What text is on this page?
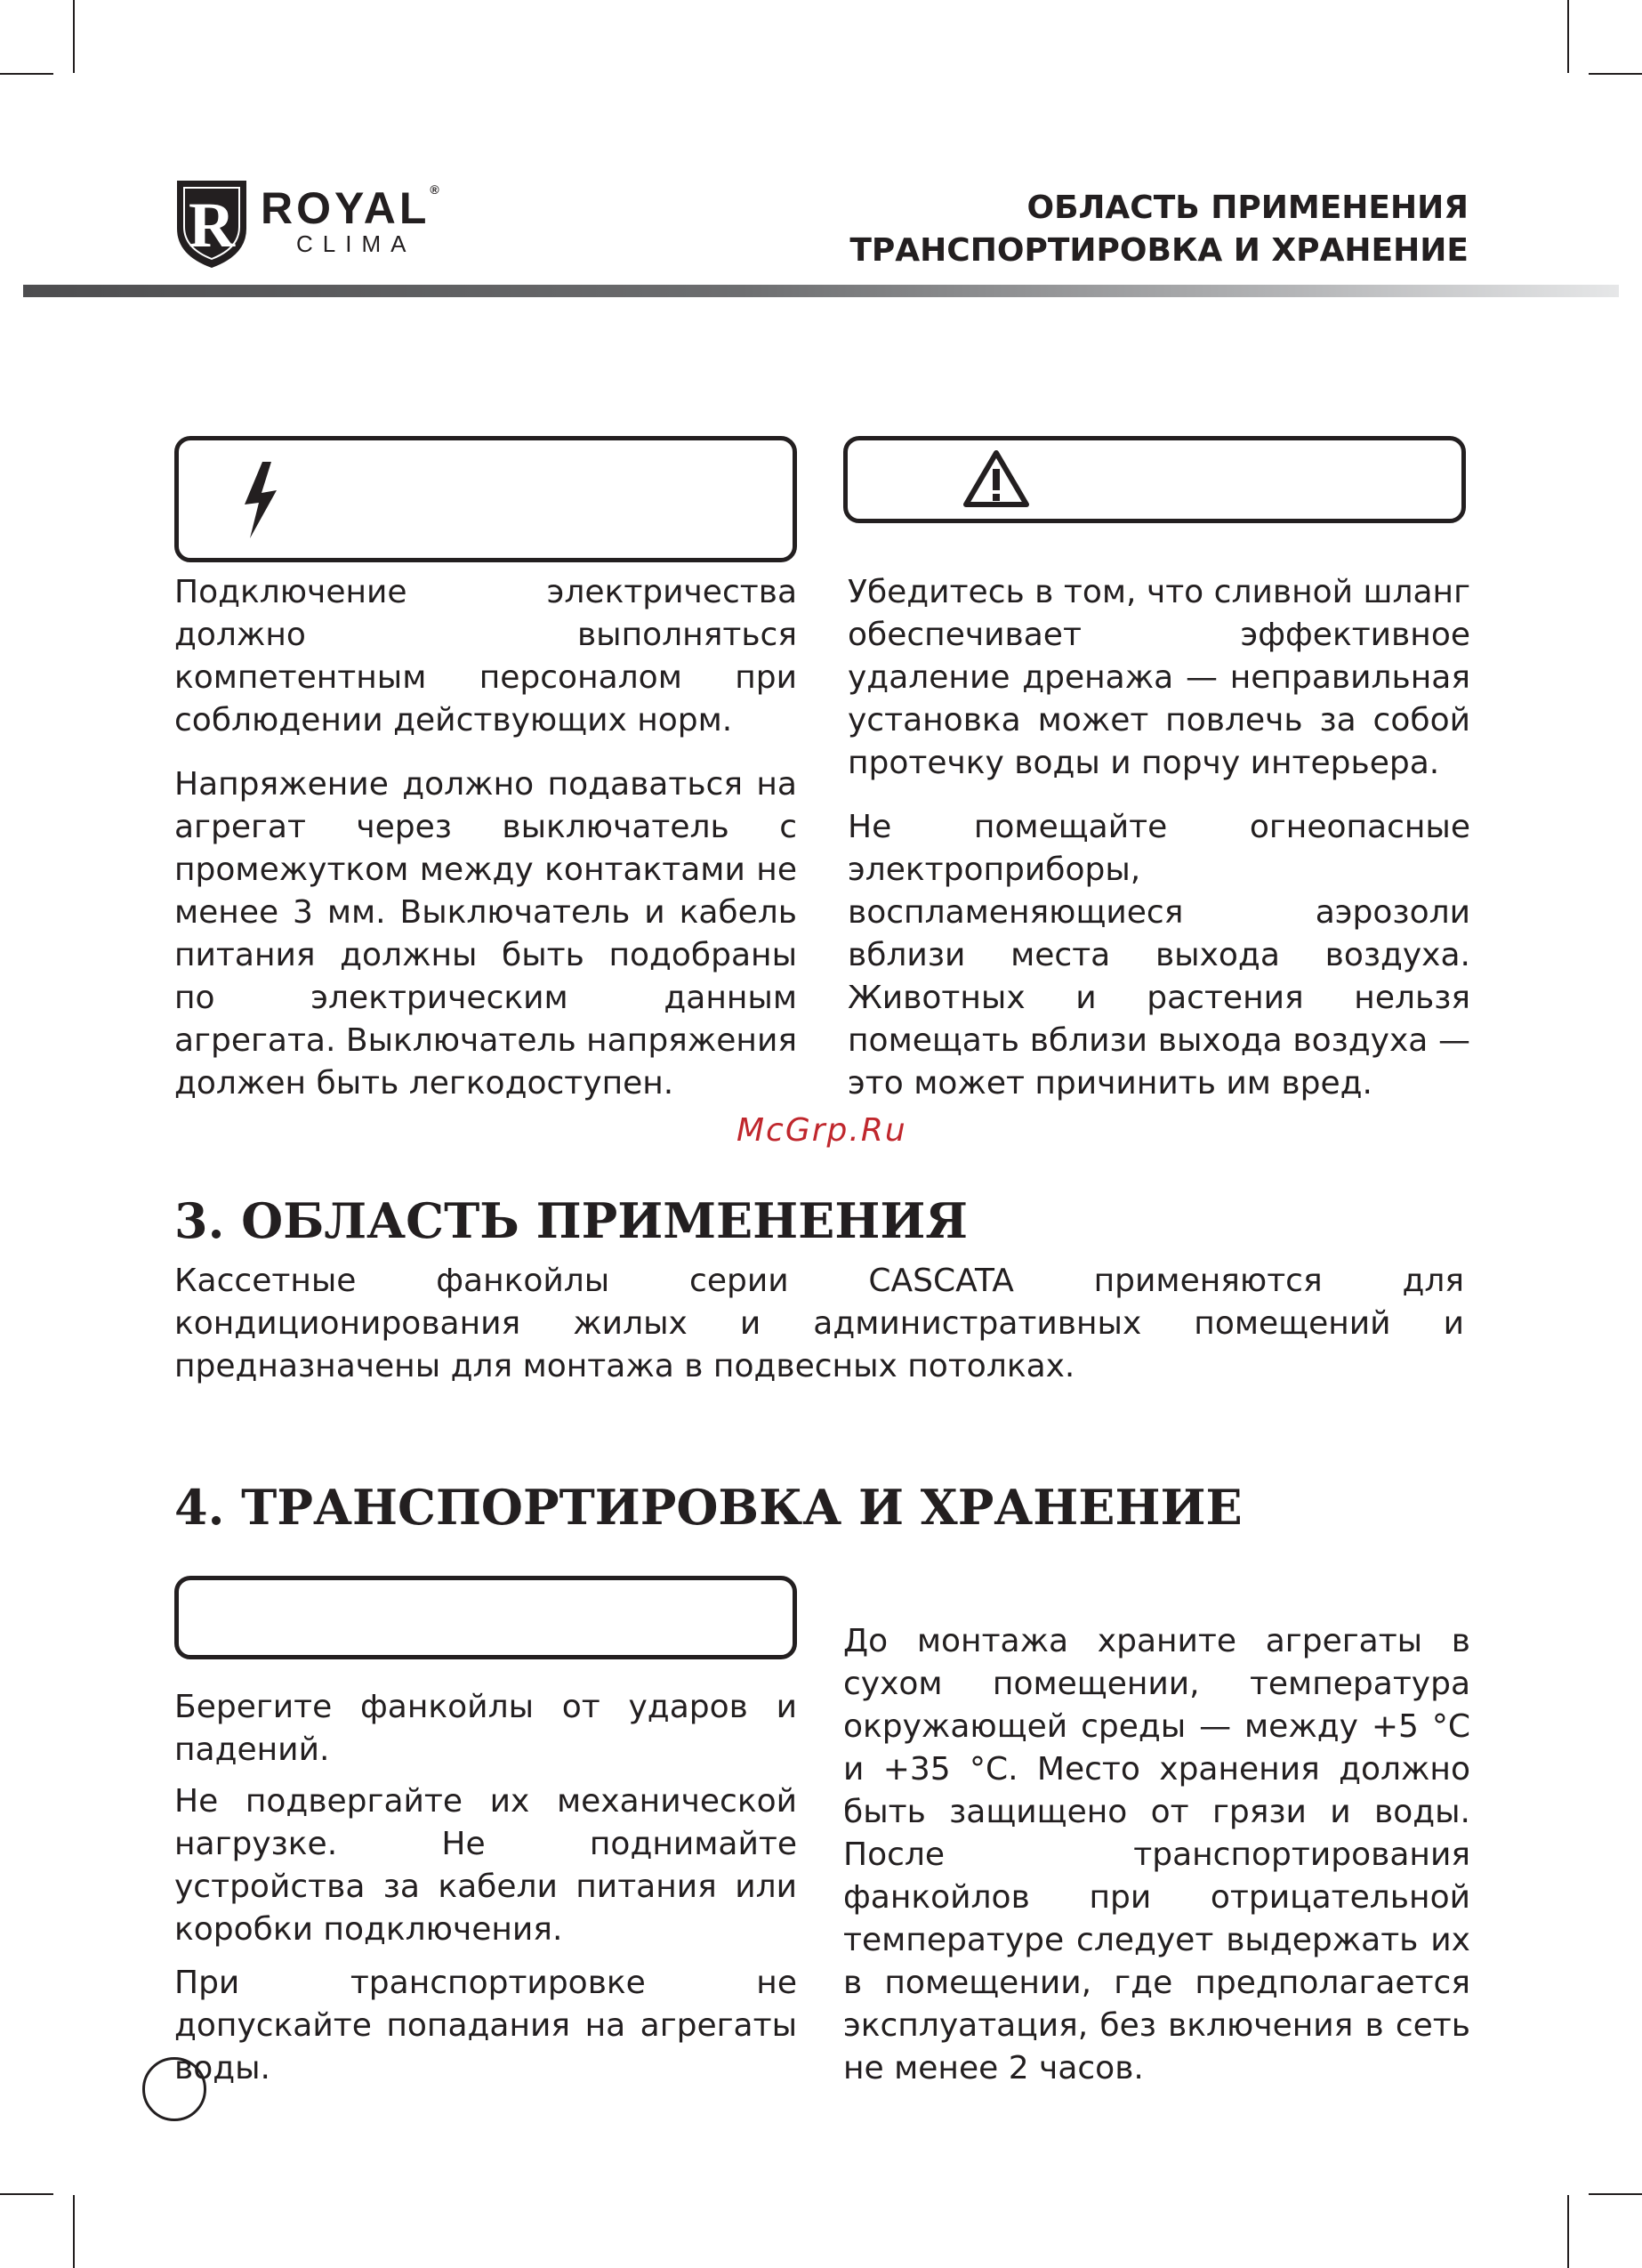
R ROYAL®
CLIMA
ОБЛАСТЬ ПРИМЕНЕНИЯ
ТРАНСПОРТИРОВКА И ХРАНЕНИЕ

Подключение электричества должно выполняться компетентным персоналом при соблюдении действующих норм.

Напряжение должно подаваться на агрегат через выключатель с промежутком между контактами не менее 3 мм. Выключатель и кабель питания должны быть подобраны по электрическим данным агрегата. Выключатель напряжения должен быть легкодоступен.

Убедитесь в том, что сливной шланг обеспечивает эффективное удаление дренажа — неправильная установка может повлечь за собой протечку воды и порчу интерьера.

Не помещайте огнеопасные электроприборы, воспламеняющиеся аэрозоли вблизи места выхода воздуха. Животных и растения нельзя помещать вблизи выхода воздуха — это может причинить им вред.

McGrp.Ru
3. ОБЛАСТЬ ПРИМЕНЕНИЯ

Кассетные фанкойлы серии CASCATA применяются для кондиционирования жилых и административных помещений и предназначены для монтажа в подвесных потолках.

4. ТРАНСПОРТИРОВКА И ХРАНЕНИЕ

Берегите фанкойлы от ударов и падений.

Не подвергайте их механической нагрузке. Не поднимайте устройства за кабели питания или коробки подключения.

При транспортировке не допускайте попадания на агрегаты воды.

До монтажа храните агрегаты в сухом помещении, температура окружающей среды — между +5 °С и +35 °С. Место хранения должно быть защищено от грязи и воды. После транспортирования фанкойлов при отрицательной температуре следует выдержать их в помещении, где предполагается эксплуатация, без включения в сеть не менее 2 часов.
